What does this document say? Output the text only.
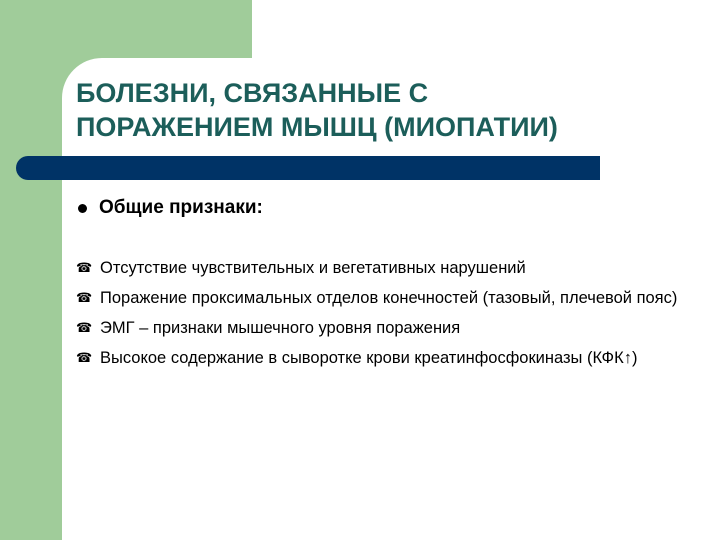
БОЛЕЗНИ, СВЯЗАННЫЕ С
ПОРАЖЕНИЕМ МЫШЦ (МИОПАТИИ)
Общие признаки:
☎ Отсутствие чувствительных и вегетативных нарушений
☎ Поражение проксимальных отделов конечностей (тазовый, плечевой пояс)
☎ ЭМГ – признаки мышечного уровня поражения
☎ Высокое содержание в сыворотке крови креатинфосфокиназы (КФК↑)
